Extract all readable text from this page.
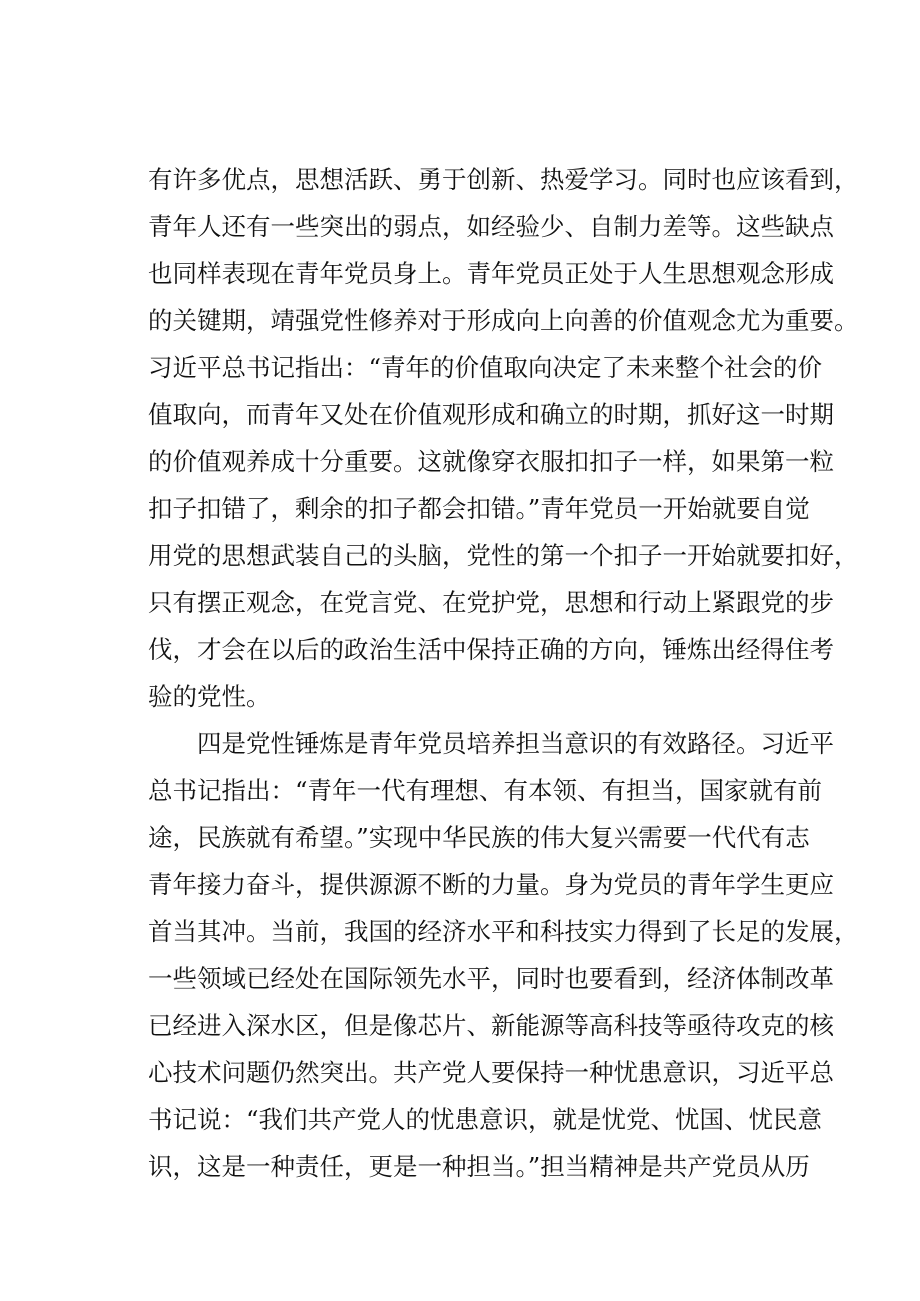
有许多优点，思想活跃、勇于创新、热爱学习。同时也应该看到，
青年人还有一些突出的弱点，如经验少、自制力差等。这些缺点
也同样表现在青年党员身上。青年党员正处于人生思想观念形成
的关键期，靖强党性修养对于形成向上向善的价值观念尤为重要。
习近平总书记指出：“青年的价值取向决定了未来整个社会的价
值取向，而青年又处在价值观形成和确立的时期，抓好这一时期
的价值观养成十分重要。这就像穿衣服扣扣子一样，如果第一粒
扣子扣错了，剩余的扣子都会扣错。”青年党员一开始就要自觉
用党的思想武装自己的头脑，党性的第一个扣子一开始就要扣好，
只有摆正观念，在党言党、在党护党，思想和行动上紧跟党的步
伐，才会在以后的政治生活中保持正确的方向，锤炼出经得住考
验的党性。
　　四是党性锤炼是青年党员培养担当意识的有效路径。习近平
总书记指出：“青年一代有理想、有本领、有担当，国家就有前
途，民族就有希望。”实现中华民族的伟大复兴需要一代代有志
青年接力奋斗，提供源源不断的力量。身为党员的青年学生更应
首当其冲。当前，我国的经济水平和科技实力得到了长足的发展，
一些领域已经处在国际领先水平，同时也要看到，经济体制改革
已经进入深水区，但是像芯片、新能源等高科技等亟待攻克的核
心技术问题仍然突出。共产党人要保持一种忧患意识，习近平总
书记说：“我们共产党人的忧患意识，就是忧党、忧国、忧民意
识，这是一种责任，更是一种担当。”担当精神是共产党员从历
